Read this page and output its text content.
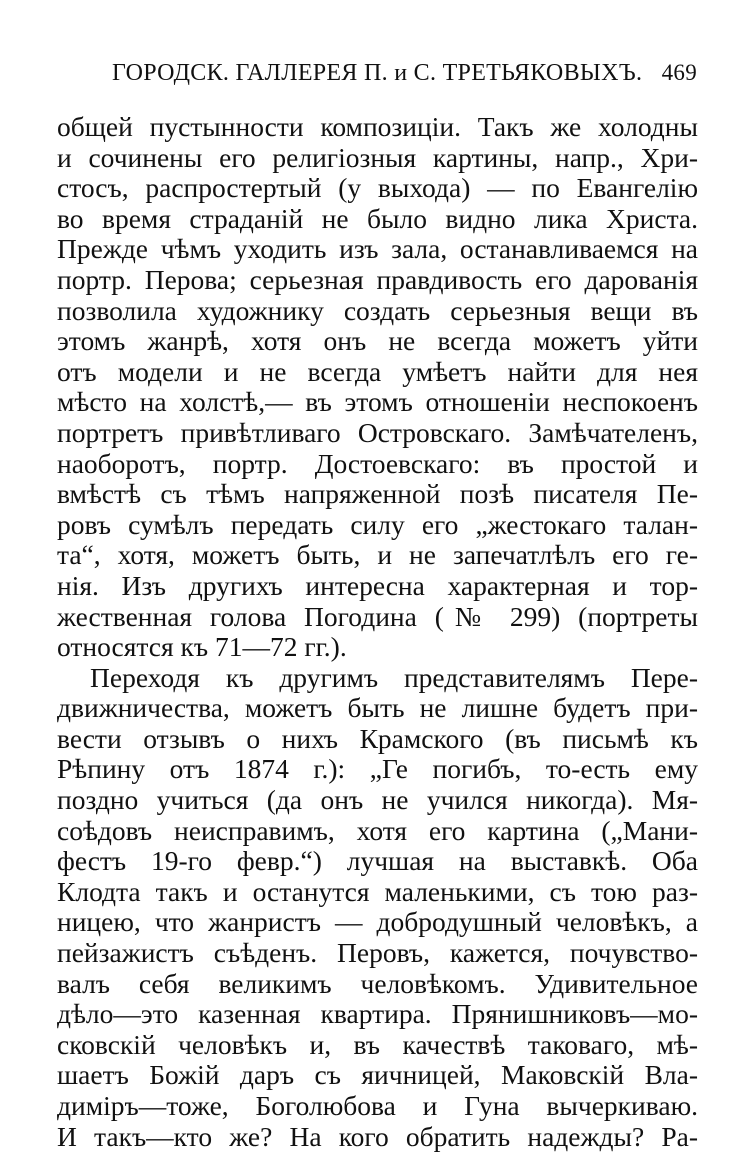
ГОРОДСК. ГАЛЛЕРЕЯ П. и С. ТРЕТЬЯКОВЫХЪ. 469
общей пустынности композиціи. Такъ же холодны
и сочинены его религіозныя картины, напр., Хри-
стосъ, распростертый (у выхода) — по Евангелію
во время страданій не было видно лика Христа.
Прежде чѣмъ уходить изъ зала, останавливаемся на
портр. Перова; серьезная правдивость его дарованія
позволила художнику создать серьезныя вещи въ
этомъ жанрѣ, хотя онъ не всегда можетъ уйти
отъ модели и не всегда умѣетъ найти для нея
мѣсто на холстѣ,— въ этомъ отношеніи неспокоенъ
портретъ привѣтливаго Островскаго. Замѣчателенъ,
наоборотъ, портр. Достоевскаго: въ простой и
вмѣстѣ съ тѣмъ напряженной позѣ писателя Пе-
ровъ сумѣлъ передать силу его „жестокаго талан-
та“, хотя, можетъ быть, и не запечатлѣлъ его ге-
нія. Изъ другихъ интересна характерная и тор-
жественная голова Погодина (№ 299) (портреты
относятся къ 71—72 гг.).
Переходя къ другимъ представителямъ Пере-
движничества, можетъ быть не лишне будетъ при-
вести отзывъ о нихъ Крамского (въ письмѣ къ
Рѣпину отъ 1874 г.): „Ге погибъ, то-есть ему
поздно учиться (да онъ не учился никогда). Мя-
соѣдовъ неисправимъ, хотя его картина („Мани-
фестъ 19-го февр.“) лучшая на выставкѣ. Оба
Клодта такъ и останутся маленькими, съ тою раз-
ницею, что жанристъ — добродушный человѣкъ, а
пейзажистъ съѣденъ. Перовъ, кажется, почувство-
валъ себя великимъ человѣкомъ. Удивительное
дѣло—это казенная квартира. Прянишниковъ—мо-
сковскій человѣкъ и, въ качествѣ таковаго, мѣ-
шаетъ Божій даръ съ яичницей, Маковскій Вла-
диміръ—тоже, Боголюбова и Гуна вычеркиваю.
И такъ—кто же? На кого обратить надежды? Ра-
